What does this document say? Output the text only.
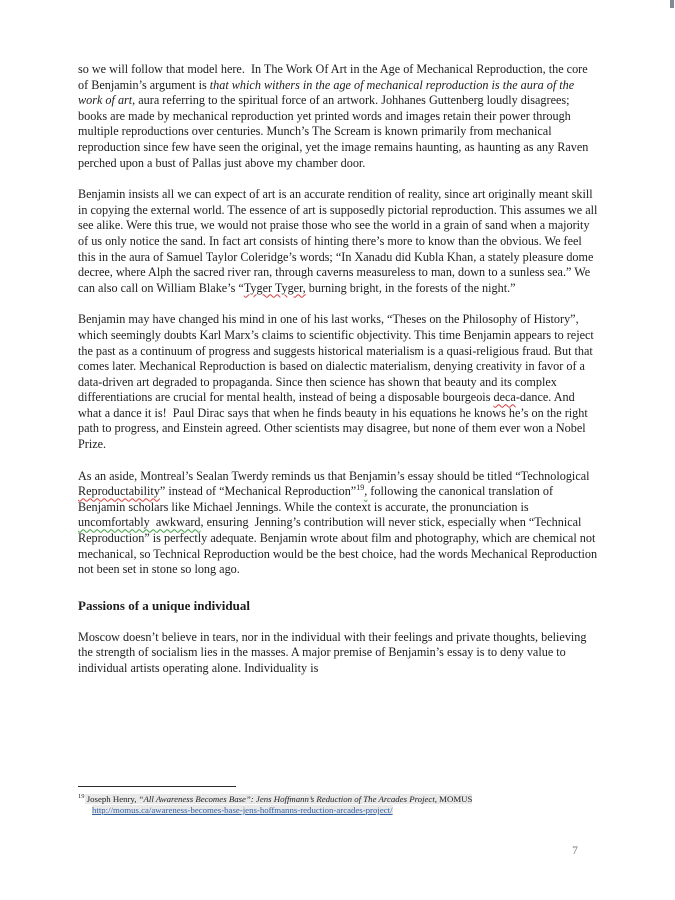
so we will follow that model here.  In The Work Of Art in the Age of Mechanical Reproduction, the core of Benjamin’s argument is that which withers in the age of mechanical reproduction is the aura of the work of art, aura referring to the spiritual force of an artwork. Johhanes Guttenberg loudly disagrees; books are made by mechanical reproduction yet printed words and images retain their power through multiple reproductions over centuries. Munch’s The Scream is known primarily from mechanical reproduction since few have seen the original, yet the image remains haunting, as haunting as any Raven perched upon a bust of Pallas just above my chamber door.

Benjamin insists all we can expect of art is an accurate rendition of reality, since art originally meant skill in copying the external world. The essence of art is supposedly pictorial reproduction. This assumes we all see alike. Were this true, we would not praise those who see the world in a grain of sand when a majority of us only notice the sand. In fact art consists of hinting there’s more to know than the obvious. We feel this in the aura of Samuel Taylor Coleridge’s words; “In Xanadu did Kubla Khan, a stately pleasure dome decree, where Alph the sacred river ran, through caverns measureless to man, down to a sunless sea.” We can also call on William Blake’s “Tyger Tyger, burning bright, in the forests of the night.”

Benjamin may have changed his mind in one of his last works, “Theses on the Philosophy of History”, which seemingly doubts Karl Marx’s claims to scientific objectivity. This time Benjamin appears to reject the past as a continuum of progress and suggests historical materialism is a quasi-religious fraud. But that comes later. Mechanical Reproduction is based on dialectic materialism, denying creativity in favor of a data-driven art degraded to propaganda. Since then science has shown that beauty and its complex differentiations are crucial for mental health, instead of being a disposable bourgeois deca-dance. And what a dance it is!  Paul Dirac says that when he finds beauty in his equations he knows he’s on the right path to progress, and Einstein agreed. Other scientists may disagree, but none of them ever won a Nobel Prize.

As an aside, Montreal’s Sealan Twerdy reminds us that Benjamin’s essay should be titled “Technological Reproductability” instead of “Mechanical Reproduction”$^{19}$, following the canonical translation of Benjamin scholars like Michael Jennings. While the context is accurate, the pronunciation is uncomfortably  awkward, ensuring  Jenning’s contribution will never stick, especially when “Technical Reproduction” is perfectly adequate. Benjamin wrote about film and photography, which are chemical not mechanical, so Technical Reproduction would be the best choice, had the words Mechanical Reproduction not been set in stone so long ago.

Passions of a unique individual

Moscow doesn’t believe in tears, nor in the individual with their feelings and private thoughts, believing the strength of socialism lies in the masses. A major premise of Benjamin’s essay is to deny value to individual artists operating alone. Individuality is

$^{19}$ Joseph Henry, “All Awareness Becomes Base”: Jens Hoffmann’s Reduction of The Arcades Project, MOMUS
http://momus.ca/awareness-becomes-base-jens-hoffmanns-reduction-arcades-project/
7
